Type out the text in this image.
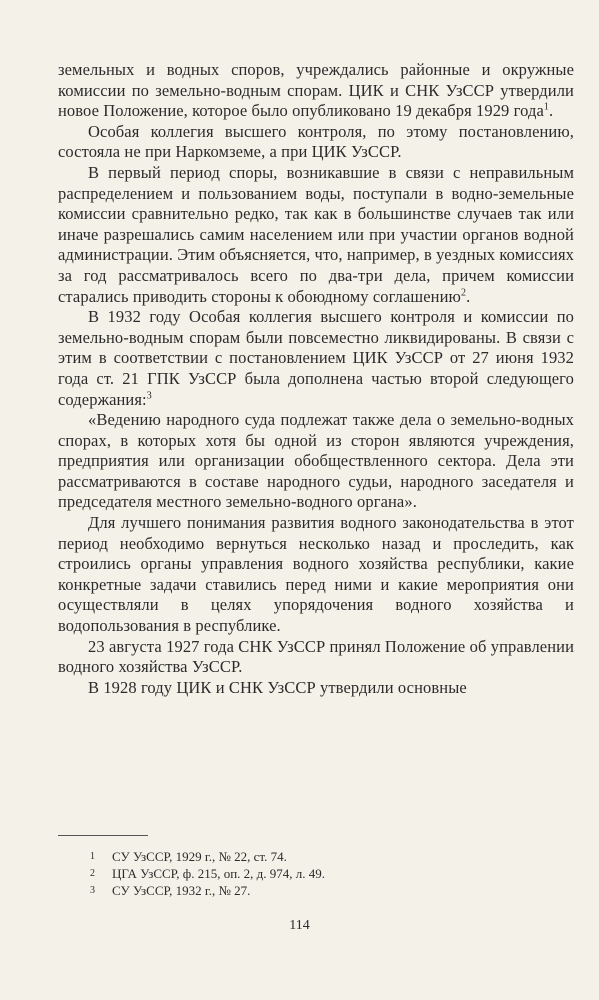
земельных и водных споров, учреждались районные и окружные комиссии по земельно-водным спорам. ЦИК и СНК УзССР утвердили новое Положение, которое было опубликовано 19 декабря 1929 года$^1$.

Особая коллегия высшего контроля, по этому постановлению, состояла не при Наркомземе, а при ЦИК УзССР.

В первый период споры, возникавшие в связи с неправильным распределением и пользованием воды, поступали в водно-земельные комиссии сравнительно редко, так как в большинстве случаев так или иначе разрешались самим населением или при участии органов водной администрации. Этим объясняется, что, например, в уездных комиссиях за год рассматривалось всего по два-три дела, причем комиссии старались приводить стороны к обоюдному соглашению$^2$.

В 1932 году Особая коллегия высшего контроля и комиссии по земельно-водным спорам были повсеместно ликвидированы. В связи с этим в соответствии с постановлением ЦИК УзССР от 27 июня 1932 года ст. 21 ГПК УзССР была дополнена частью второй следующего содержания:$^3$

«Ведению народного суда подлежат также дела о земельно-водных спорах, в которых хотя бы одной из сторон являются учреждения, предприятия или организации обобществленного сектора. Дела эти рассматриваются в составе народного судьи, народного заседателя и председателя местного земельно-водного органа».

Для лучшего понимания развития водного законодательства в этот период необходимо вернуться несколько назад и проследить, как строились органы управления водного хозяйства республики, какие конкретные задачи ставились перед ними и какие мероприятия они осуществляли в целях упорядочения водного хозяйства и водопользования в республике.

23 августа 1927 года СНК УзССР принял Положение об управлении водного хозяйства УзССР.

В 1928 году ЦИК и СНК УзССР утвердили основные

1 СУ УзССР, 1929 г., № 22, ст. 74.
2 ЦГА УзССР, ф. 215, оп. 2, д. 974, л. 49.
3 СУ УзССР, 1932 г., № 27.
114
